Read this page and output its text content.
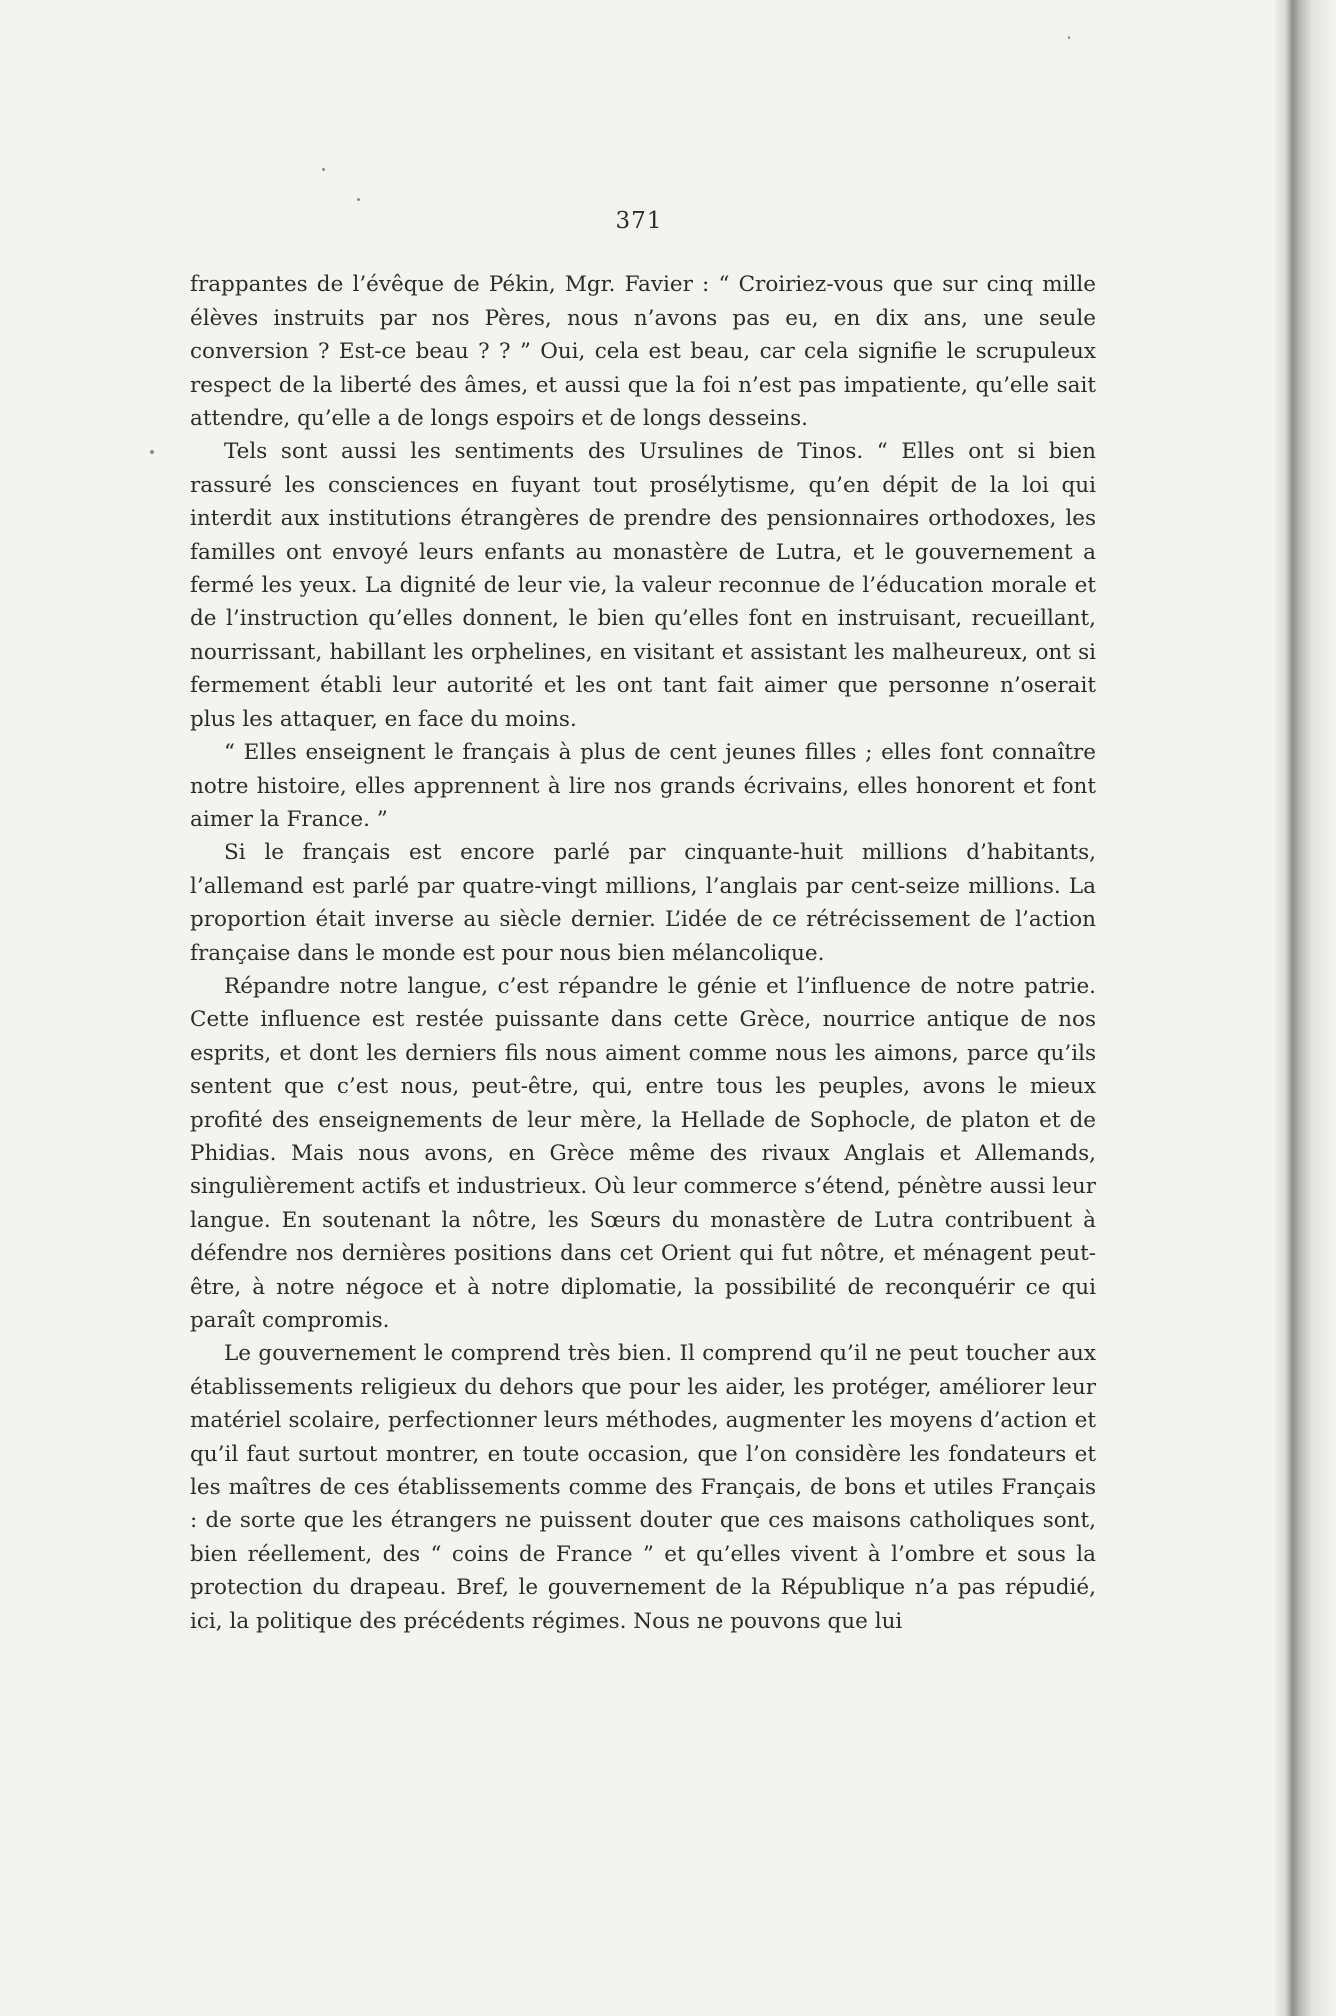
371

frappantes de l’évêque de Pékin, Mgr. Favier : “ Croiriez-vous que sur cinq mille élèves instruits par nos Pères, nous n’avons pas eu, en dix ans, une seule conversion ? Est-ce beau ? ? ” Oui, cela est beau, car cela signifie le scrupuleux respect de la liberté des âmes, et aussi que la foi n’est pas impatiente, qu’elle sait attendre, qu’elle a de longs espoirs et de longs desseins.

Tels sont aussi les sentiments des Ursulines de Tinos. “ Elles ont si bien rassuré les consciences en fuyant tout prosélytisme, qu’en dépit de la loi qui interdit aux institutions étrangères de prendre des pensionnaires orthodoxes, les familles ont envoyé leurs enfants au monastère de Lutra, et le gouvernement a fermé les yeux. La dignité de leur vie, la valeur reconnue de l’éducation morale et de l’instruction qu’elles donnent, le bien qu’elles font en instruisant, recueillant, nourrissant, habillant les orphelines, en visitant et assistant les malheureux, ont si fermement établi leur autorité et les ont tant fait aimer que personne n’oserait plus les attaquer, en face du moins.

“ Elles enseignent le français à plus de cent jeunes filles ; elles font connaître notre histoire, elles apprennent à lire nos grands écrivains, elles honorent et font aimer la France. ”

Si le français est encore parlé par cinquante-huit millions d’habitants, l’allemand est parlé par quatre-vingt millions, l’anglais par cent-seize millions. La proportion était inverse au siècle dernier. L’idée de ce rétrécissement de l’action française dans le monde est pour nous bien mélancolique.

Répandre notre langue, c’est répandre le génie et l’influence de notre patrie. Cette influence est restée puissante dans cette Grèce, nourrice antique de nos esprits, et dont les derniers fils nous aiment comme nous les aimons, parce qu’ils sentent que c’est nous, peut-être, qui, entre tous les peuples, avons le mieux profité des enseignements de leur mère, la Hellade de Sophocle, de platon et de Phidias. Mais nous avons, en Grèce même des rivaux Anglais et Allemands, singulièrement actifs et industrieux. Où leur commerce s’étend, pénètre aussi leur langue. En soutenant la nôtre, les Sœurs du monastère de Lutra contribuent à défendre nos dernières positions dans cet Orient qui fut nôtre, et ménagent peut-être, à notre négoce et à notre diplomatie, la possibilité de reconquérir ce qui paraît compromis.

Le gouvernement le comprend très bien. Il comprend qu’il ne peut toucher aux établissements religieux du dehors que pour les aider, les protéger, améliorer leur matériel scolaire, perfectionner leurs méthodes, augmenter les moyens d’action et qu’il faut surtout montrer, en toute occasion, que l’on considère les fondateurs et les maîtres de ces établissements comme des Français, de bons et utiles Français : de sorte que les étrangers ne puissent douter que ces maisons catholiques sont, bien réellement, des “ coins de France ” et qu’elles vivent à l’ombre et sous la protection du drapeau. Bref, le gouvernement de la République n’a pas répudié, ici, la politique des précédents régimes. Nous ne pouvons que lui
